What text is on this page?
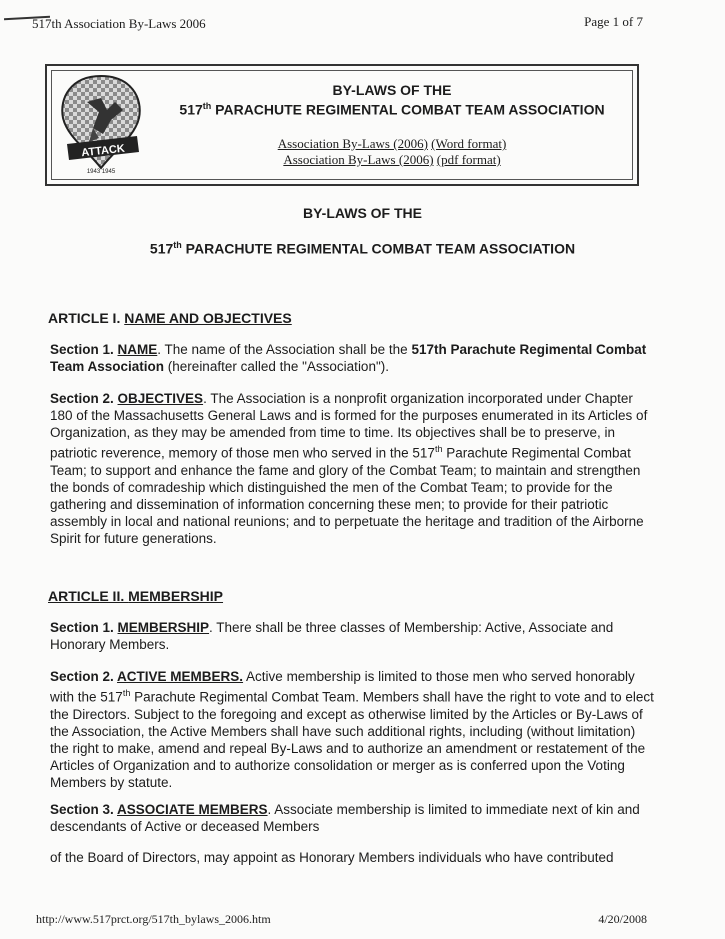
517th Association By-Laws 2006	Page 1 of 7
ATTACK
1943 1945
BY-LAWS OF THE
517th PARACHUTE REGIMENTAL COMBAT TEAM ASSOCIATION
Association By-Laws (2006) (Word format)
Association By-Laws (2006) (pdf format)
BY-LAWS OF THE
517th PARACHUTE REGIMENTAL COMBAT TEAM ASSOCIATION
ARTICLE I. NAME AND OBJECTIVES
Section 1. NAME. The name of the Association shall be the 517th Parachute Regimental Combat Team Association (hereinafter called the "Association").
Section 2. OBJECTIVES. The Association is a nonprofit organization incorporated under Chapter 180 of the Massachusetts General Laws and is formed for the purposes enumerated in its Articles of Organization, as they may be amended from time to time. Its objectives shall be to preserve, in patriotic reverence, memory of those men who served in the 517th Parachute Regimental Combat Team; to support and enhance the fame and glory of the Combat Team; to maintain and strengthen the bonds of comradeship which distinguished the men of the Combat Team; to provide for the gathering and dissemination of information concerning these men; to provide for their patriotic assembly in local and national reunions; and to perpetuate the heritage and tradition of the Airborne Spirit for future generations.
ARTICLE II. MEMBERSHIP
Section 1. MEMBERSHIP. There shall be three classes of Membership: Active, Associate and Honorary Members.
Section 2. ACTIVE MEMBERS. Active membership is limited to those men who served honorably with the 517th Parachute Regimental Combat Team. Members shall have the right to vote and to elect the Directors. Subject to the foregoing and except as otherwise limited by the Articles or By-Laws of the Association, the Active Members shall have such additional rights, including (without limitation) the right to make, amend and repeal By-Laws and to authorize an amendment or restatement of the Articles of Organization and to authorize consolidation or merger as is conferred upon the Voting Members by statute.
Section 3. ASSOCIATE MEMBERS. Associate membership is limited to immediate next of kin and descendants of Active or deceased Members
of the Board of Directors, may appoint as Honorary Members individuals who have contributed
http://www.517prct.org/517th_bylaws_2006.htm	4/20/2008
